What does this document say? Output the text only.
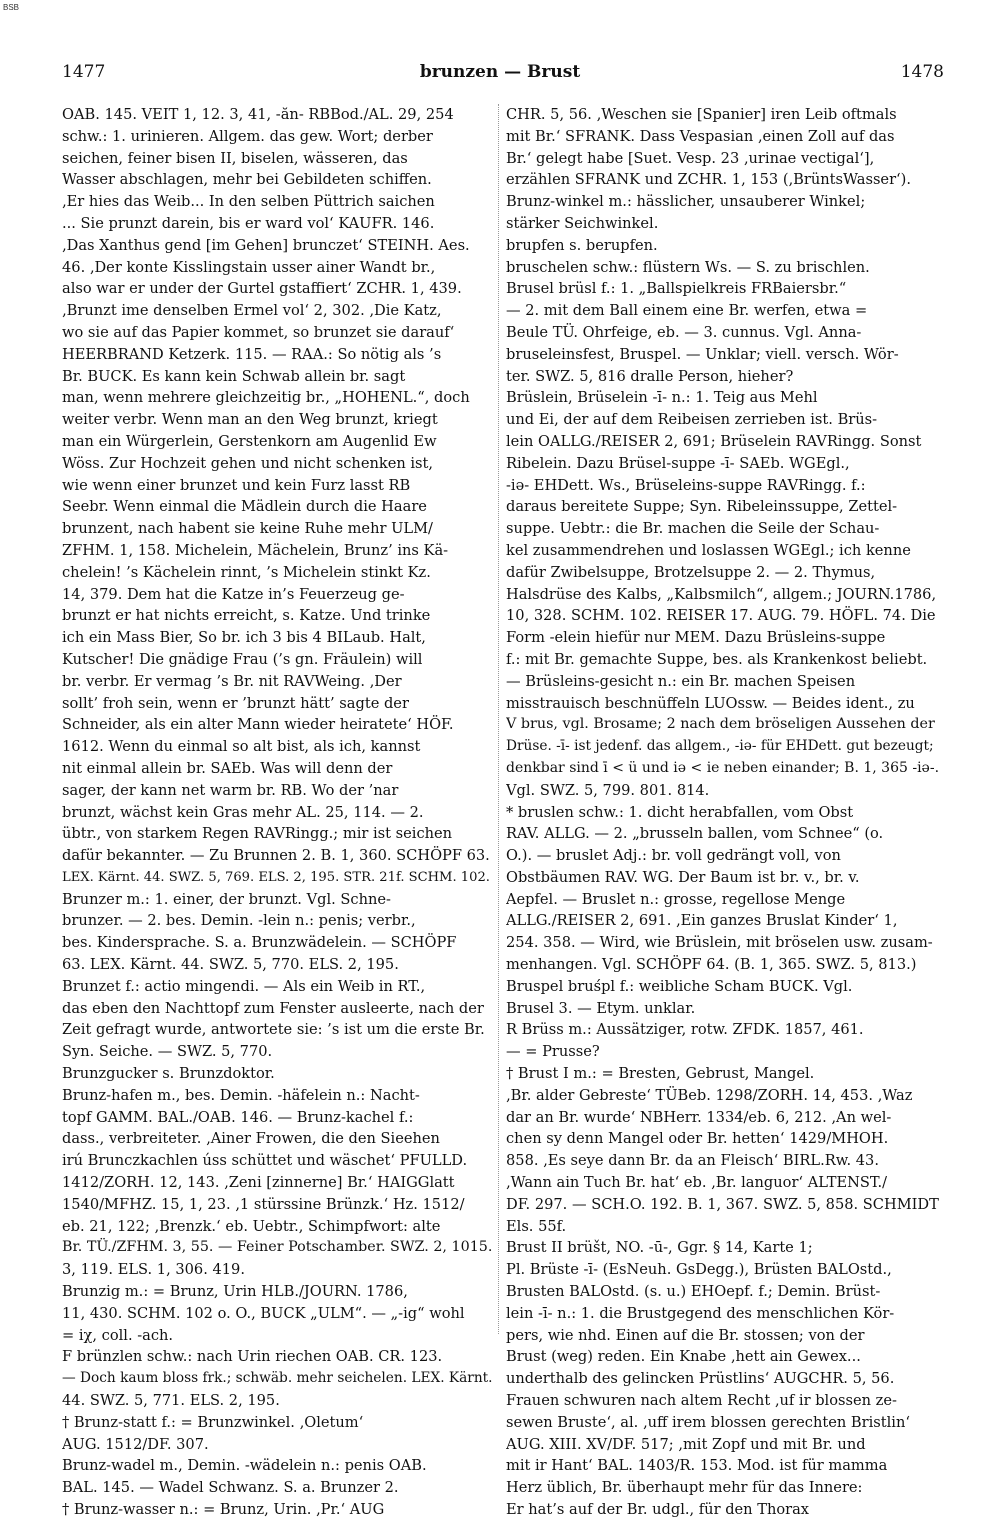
BSB
1477	brunzen — Brust	1478
OAB. 145. VEIT 1, 12. 3, 41, -ăn- RBBod./AL. 29, 254
schw.: 1. urinieren. Allgem. das gew. Wort; derber
seichen, feiner bisen II, biselen, wässeren, das
Wasser abschlagen, mehr bei Gebildeten schiffen.
‚Er hies das Weib... In den selben Püttrich saichen
... Sie prunzt darein, bis er ward vol‘ KAUFR. 146.
‚Das Xanthus gend [im Gehen] brunczet‘ STEINH. Aes.
46. ‚Der konte Kisslingstain usser ainer Wandt br.,
also war er under der Gurtel gstaffiert‘ ZCHR. 1, 439.
‚Brunzt ime denselben Ermel vol‘ 2, 302. ‚Die Katz,
wo sie auf das Papier kommet, so brunzet sie darauf‘
HEERBRAND Ketzerk. 115. — RAA.: So nötig als ’s
Br. BUCK. Es kann kein Schwab allein br. sagt
man, wenn mehrere gleichzeitig br., „HOHENL.“, doch
weiter verbr. Wenn man an den Weg brunzt, kriegt
man ein Würgerlein, Gerstenkorn am Augenlid Ew
Wöss. Zur Hochzeit gehen und nicht schenken ist,
wie wenn einer brunzet und kein Furz lasst RB
Seebr. Wenn einmal die Mädlein durch die Haare
brunzent, nach habent sie keine Ruhe mehr ULM/
ZFHM. 1, 158. Michelein, Mächelein, Brunz’ ins Kä-
chelein! ’s Kächelein rinnt, ’s Michelein stinkt Kz.
14, 379. Dem hat die Katze in’s Feuerzeug ge-
brunzt er hat nichts erreicht, s. Katze. Und trinke
ich ein Mass Bier, So br. ich 3 bis 4 BILaub. Halt,
Kutscher! Die gnädige Frau (’s gn. Fräulein) will
br. verbr. Er vermag ’s Br. nit RAVWeing. ‚Der
sollt’ froh sein, wenn er ’brunzt hätt’ sagte der
Schneider, als ein alter Mann wieder heiratete‘ HÖF.
1612. Wenn du einmal so alt bist, als ich, kannst
nit einmal allein br. SAEb. Was will denn der
sager, der kann net warm br. RB. Wo der ’nar
brunzt, wächst kein Gras mehr AL. 25, 114. — 2.
übtr., von starkem Regen RAVRingg.; mir ist seichen
dafür bekannter. — Zu Brunnen 2. B. 1, 360. SCHÖPF 63.
LEX. Kärnt. 44. SWZ. 5, 769. ELS. 2, 195. STR. 21f. SCHM. 102.
Brunzer m.: 1. einer, der brunzt. Vgl. Schne-
brunzer. — 2. bes. Demin. -lein n.: penis; verbr.,
bes. Kindersprache. S. a. Brunzwädelein. — SCHÖPF
63. LEX. Kärnt. 44. SWZ. 5, 770. ELS. 2, 195.
Brunzet f.: actio mingendi. — Als ein Weib in RT.,
das eben den Nachttopf zum Fenster ausleerte, nach der
Zeit gefragt wurde, antwortete sie: ’s ist um die erste Br.
Syn. Seiche. — SWZ. 5, 770.
Brunzgucker s. Brunzdoktor.
Brunz-hafen m., bes. Demin. -häfelein n.: Nacht-
topf GAMM. BAL./OAB. 146. — Brunz-kachel f.:
dass., verbreiteter. ‚Ainer Frowen, die den Sieehen
irú Brunczkachlen úss schüttet und wäschet‘ PFULLD.
1412/ZORH. 12, 143. ‚Zeni [zinnerne] Br.‘ HAIGGlatt
1540/MFHZ. 15, 1, 23. ‚1 stürssine Brünzk.‘ Hz. 1512/
eb. 21, 122; ‚Brenzk.‘ eb. Uebtr., Schimpfwort: alte
Br. TÜ./ZFHM. 3, 55. — Feiner Potschamber. SWZ. 2, 1015.
3, 119. ELS. 1, 306. 419.
Brunzig m.: = Brunz, Urin HLB./JOURN. 1786,
11, 430. SCHM. 102 o. O., BUCK „ULM“. — „-ig“ wohl
= iχ, coll. -ach.
F brünzlen schw.: nach Urin riechen OAB. CR. 123.
— Doch kaum bloss frk.; schwäb. mehr seichelen. LEX. Kärnt.
44. SWZ. 5, 771. ELS. 2, 195.
† Brunz-statt f.: = Brunzwinkel. ‚Oletum‘
AUG. 1512/DF. 307.
Brunz-wadel m., Demin. -wädelein n.: penis OAB.
BAL. 145. — Wadel Schwanz. S. a. Brunzer 2.
† Brunz-wasser n.: = Brunz, Urin. ‚Pr.‘ AUG
CHR. 5, 56. ‚Weschen sie [Spanier] iren Leib oftmals
mit Br.‘ SFRANK. Dass Vespasian ‚einen Zoll auf das
Br.‘ gelegt habe [Suet. Vesp. 23 ‚urinae vectigal‘],
erzählen SFRANK und ZCHR. 1, 153 (‚BrüntsWasser‘).
Brunz-winkel m.: hässlicher, unsauberer Winkel;
stärker Seichwinkel.
brupfen s. berupfen.
bruschelen schw.: flüstern Ws. — S. zu brischlen.
Brusel brüsl f.: 1. „Ballspielkreis FRBaiersbr.“
— 2. mit dem Ball einem eine Br. werfen, etwa =
Beule TÜ. Ohrfeige, eb. — 3. cunnus. Vgl. Anna-
bruseleinsfest, Bruspel. — Unklar; viell. versch. Wör-
ter. SWZ. 5, 816 dralle Person, hieher?
Brüslein, Brüselein -ī- n.: 1. Teig aus Mehl
und Ei, der auf dem Reibeisen zerrieben ist. Brüs-
lein OALLG./REISER 2, 691; Brüselein RAVRingg. Sonst
Ribelein. Dazu Brüsel-suppe -ī- SAEb. WGEgl.,
-iə- EHDett. Ws., Brüseleins-suppe RAVRingg. f.:
daraus bereitete Suppe; Syn. Ribeleinssuppe, Zettel-
suppe. Uebtr.: die Br. machen die Seile der Schau-
kel zusammendrehen und loslassen WGEgl.; ich kenne
dafür Zwibelsuppe, Brotzelsuppe 2. — 2. Thymus,
Halsdrüse des Kalbs, „Kalbsmilch“, allgem.; JOURN.1786,
10, 328. SCHM. 102. REISER 17. AUG. 79. HÖFL. 74. Die
Form -elein hiefür nur MEM. Dazu Brüsleins-suppe
f.: mit Br. gemachte Suppe, bes. als Krankenkost beliebt.
— Brüsleins-gesicht n.: ein Br. machen Speisen
misstrauisch beschnüffeln LUOssw. — Beides ident., zu
V brus, vgl. Brosame; 2 nach dem bröseligen Aussehen der
Drüse. -ī- ist jedenf. das allgem., -iə- für EHDett. gut bezeugt;
denkbar sind ī < ü und iə < ie neben einander; B. 1, 365 -iə-.
Vgl. SWZ. 5, 799. 801. 814.
* bruslen schw.: 1. dicht herabfallen, vom Obst
RAV. ALLG. — 2. „brusseln ballen, vom Schnee“ (o.
O.). — bruslet Adj.: br. voll gedrängt voll, von
Obstbäumen RAV. WG. Der Baum ist br. v., br. v.
Aepfel. — Bruslet n.: grosse, regellose Menge
ALLG./REISER 2, 691. ‚Ein ganzes Bruslat Kinder‘ 1,
254. 358. — Wird, wie Brüslein, mit bröselen usw. zusam-
menhangen. Vgl. SCHÖPF 64. (B. 1, 365. SWZ. 5, 813.)
Bruspel bruśpl f.: weibliche Scham BUCK. Vgl.
Brusel 3. — Etym. unklar.
R Brüss m.: Aussätziger, rotw. ZFDK. 1857, 461.
— = Prusse?
† Brust I m.: = Bresten, Gebrust, Mangel.
‚Br. alder Gebreste‘ TÜBeb. 1298/ZORH. 14, 453. ‚Waz
dar an Br. wurde‘ NBHerr. 1334/eb. 6, 212. ‚An wel-
chen sy denn Mangel oder Br. hetten‘ 1429/MHOH.
858. ‚Es seye dann Br. da an Fleisch‘ BIRL.Rw. 43.
‚Wann ain Tuch Br. hat‘ eb. ‚Br. languor‘ ALTENST./
DF. 297. — SCH.O. 192. B. 1, 367. SWZ. 5, 858. SCHMIDT
Els. 55f.
Brust II brüšt, NO. -ū-, Ggr. § 14, Karte 1;
Pl. Brüste -ī- (EsNeuh. GsDegg.), Brüsten BALOstd.,
Brusten BALOstd. (s. u.) EHOepf. f.; Demin. Brüst-
lein -ī- n.: 1. die Brustgegend des menschlichen Kör-
pers, wie nhd. Einen auf die Br. stossen; von der
Brust (weg) reden. Ein Knabe ‚hett ain Gewex...
underthalb des gelincken Prüstlins‘ AUGCHR. 5, 56.
Frauen schwuren nach altem Recht ‚uf ir blossen ze-
sewen Bruste‘, al. ‚uff irem blossen gerechten Bristlin‘
AUG. XIII. XV/DF. 517; ‚mit Zopf und mit Br. und
mit ir Hant‘ BAL. 1403/R. 153. Mod. ist für mamma
Herz üblich, Br. überhaupt mehr für das Innere:
Er hat’s auf der Br. udgl., für den Thorax
